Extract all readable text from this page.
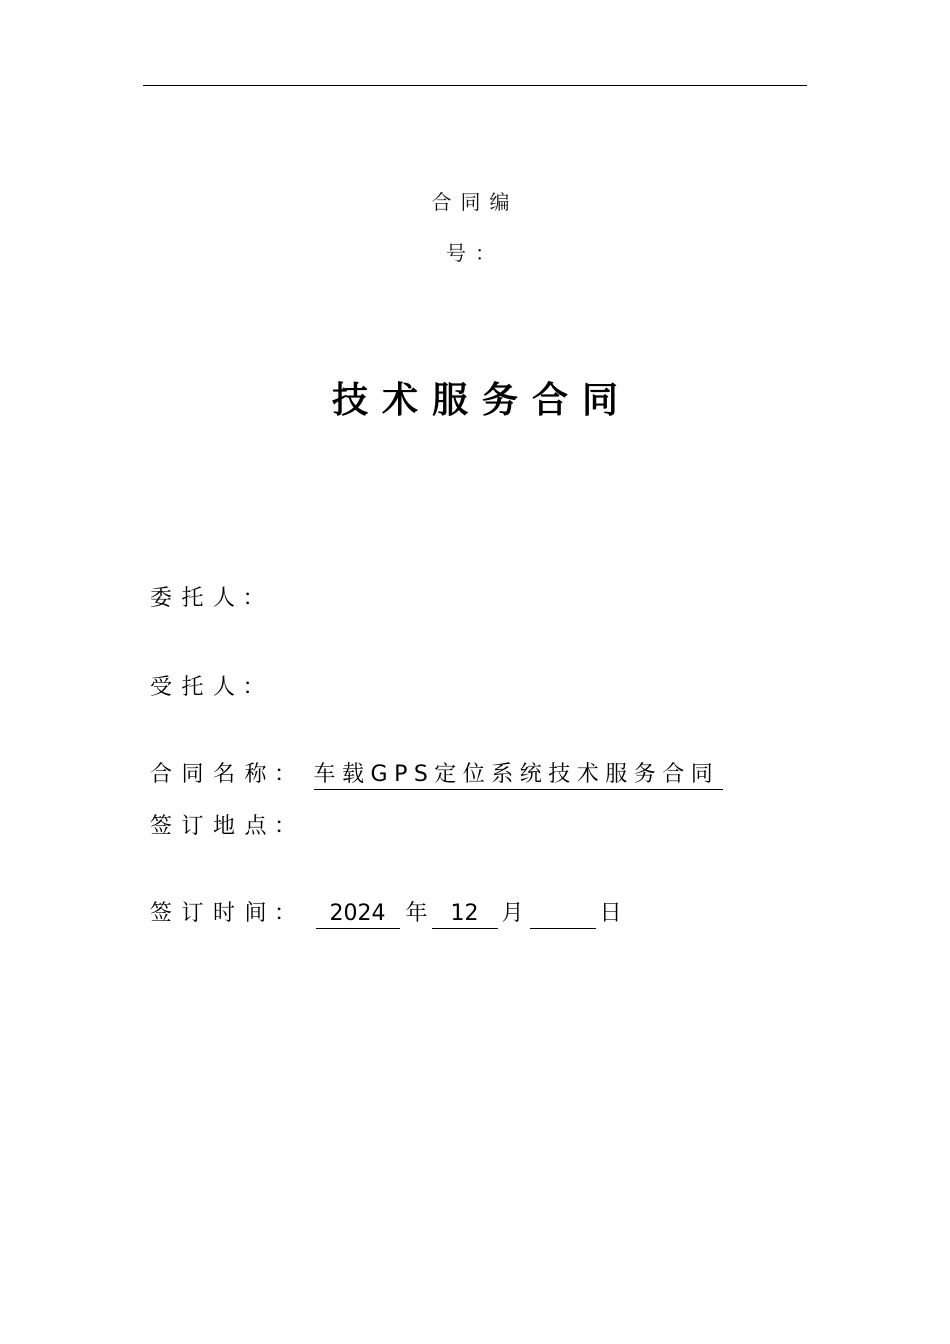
合同编
号：
技术服务合同
委托人：
受托人：
合同名称： 车载GPS定位系统技术服务合同
签订地点：
签订时间： 2024 年 12 月	日
